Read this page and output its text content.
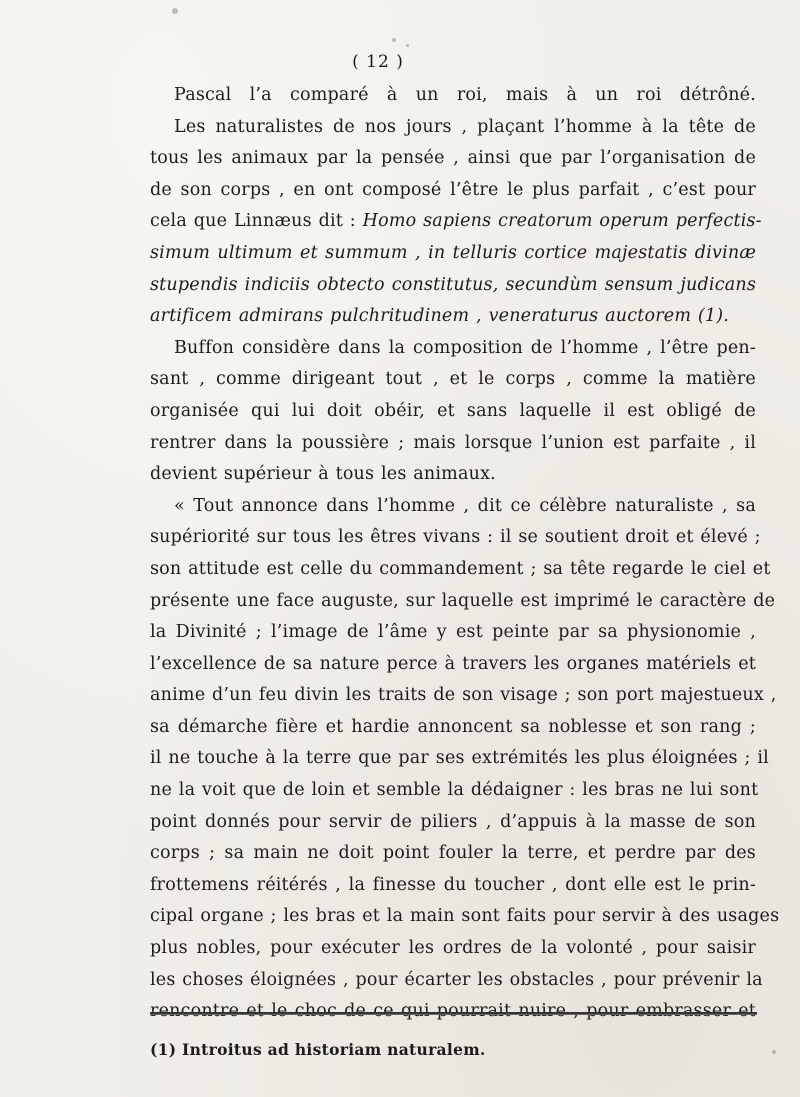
( 12 )
Pascal l’a comparé à un roi, mais à un roi détrôné.
Les naturalistes de nos jours , plaçant l’homme à la tête de
tous les animaux par la pensée , ainsi que par l’organisation de
de son corps , en ont composé l’être le plus parfait , c’est pour
cela que Linnæus dit : Homo sapiens creatorum operum perfectis-
simum ultimum et summum , in telluris cortice majestatis divinæ
stupendis indiciis obtecto constitutus, secundùm sensum judicans
artificem admirans pulchritudinem , veneraturus auctorem (1).
Buffon considère dans la composition de l’homme , l’être pen-
sant , comme dirigeant tout , et le corps , comme la matière
organisée qui lui doit obéir, et sans laquelle il est obligé de
rentrer dans la poussière ; mais lorsque l’union est parfaite , il
devient supérieur à tous les animaux.
« Tout annonce dans l’homme , dit ce célèbre naturaliste , sa
supériorité sur tous les êtres vivans : il se soutient droit et élevé ;
son attitude est celle du commandement ; sa tête regarde le ciel et
présente une face auguste, sur laquelle est imprimé le caractère de
la Divinité ; l’image de l’âme y est peinte par sa physionomie ,
l’excellence de sa nature perce à travers les organes matériels et
anime d’un feu divin les traits de son visage ; son port majestueux ,
sa démarche fière et hardie annoncent sa noblesse et son rang ;
il ne touche à la terre que par ses extrémités les plus éloignées ; il
ne la voit que de loin et semble la dédaigner : les bras ne lui sont
point donnés pour servir de piliers , d’appuis à la masse de son
corps ; sa main ne doit point fouler la terre, et perdre par des
frottemens réitérés , la finesse du toucher , dont elle est le prin-
cipal organe ; les bras et la main sont faits pour servir à des usages
plus nobles, pour exécuter les ordres de la volonté , pour saisir
les choses éloignées , pour écarter les obstacles , pour prévenir la
(1) Introitus ad historiam naturalem.
